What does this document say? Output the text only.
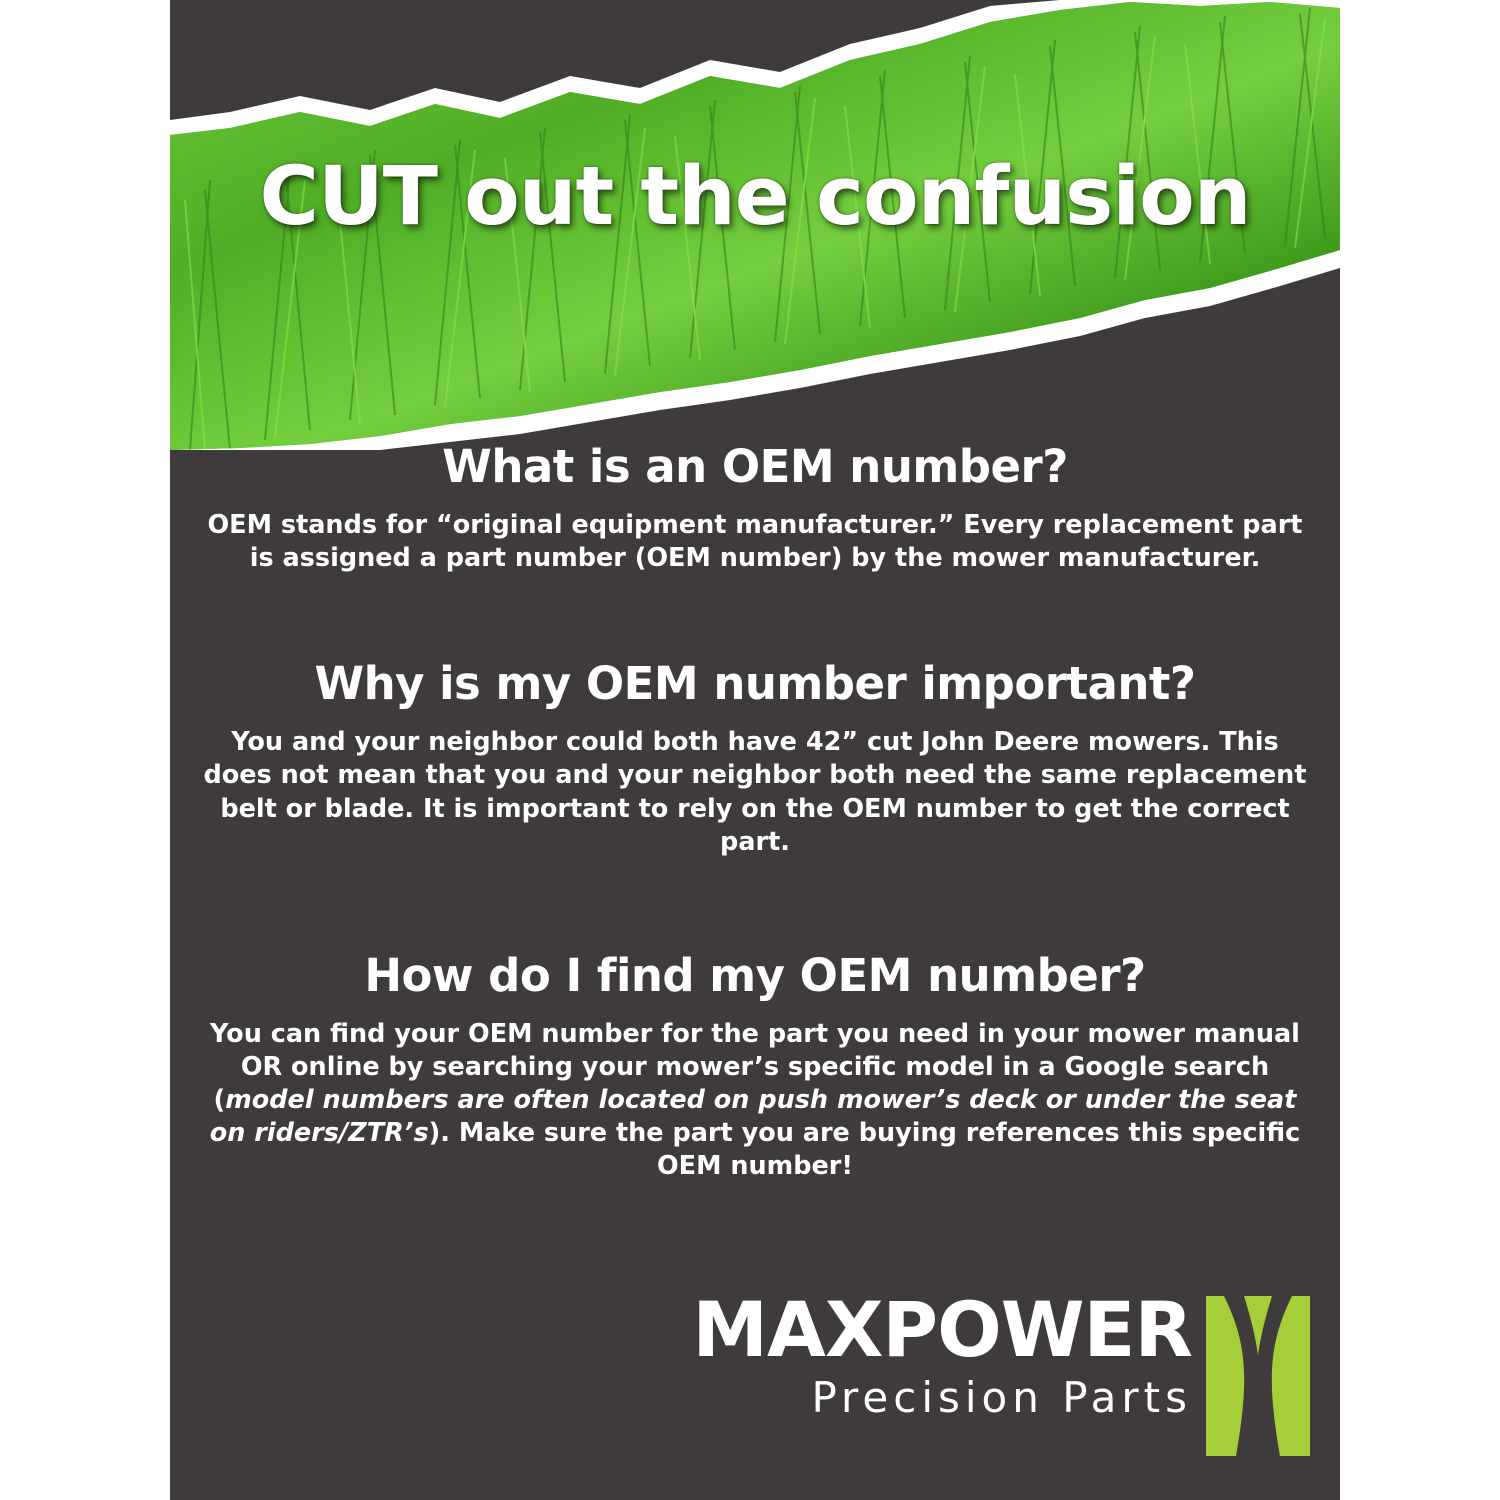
CUT out the confusion
What is an OEM number?

OEM stands for “original equipment manufacturer.” Every replacement part is assigned a part number (OEM number) by the mower manufacturer.

Why is my OEM number important?

You and your neighbor could both have 42” cut John Deere mowers. This does not mean that you and your neighbor both need the same replacement belt or blade. It is important to rely on the OEM number to get the correct part.

How do I find my OEM number?

You can find your OEM number for the part you need in your mower manual OR online by searching your mower’s specific model in a Google search (model numbers are often located on push mower’s deck or under the seat on riders/ZTR’s). Make sure the part you are buying references this specific OEM number!

MAXPOWER
Precision Parts
